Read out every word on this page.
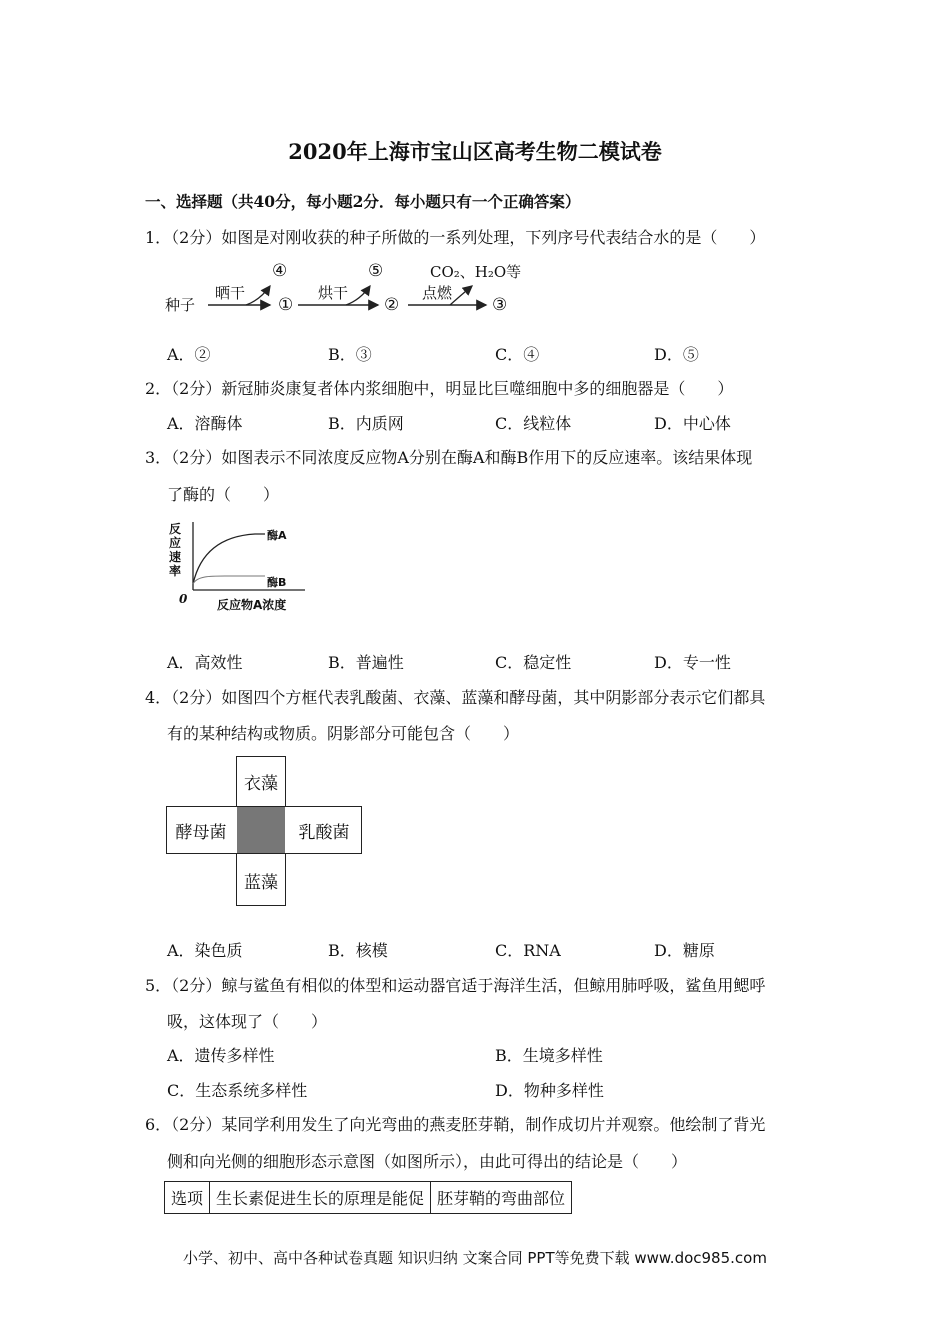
2020年上海市宝山区高考生物二模试卷
一、选择题（共40分，每小题2分．每小题只有一个正确答案）
1．（2分）如图是对刚收获的种子所做的一系列处理，下列序号代表结合水的是（　　）
种子
晒干
④
①
烘干
⑤
②
点燃
CO₂、H₂O等
③
A．②	B．③	C．④	D．⑤
2．（2分）新冠肺炎康复者体内浆细胞中，明显比巨噬细胞中多的细胞器是（　　）
A．溶酶体	B．内质网	C．线粒体	D．中心体
3．（2分）如图表示不同浓度反应物A分别在酶A和酶B作用下的反应速率。该结果体现
了酶的（　　）
反应速率
酶A
酶B
0 反应物A浓度
A．高效性	B．普遍性	C．稳定性	D．专一性
4．（2分）如图四个方框代表乳酸菌、衣藻、蓝藻和酵母菌，其中阴影部分表示它们都具
有的某种结构或物质。阴影部分可能包含（　　）
衣藻
酵母菌	乳酸菌
蓝藻
A．染色质	B．核模	C．RNA	D．糖原
5．（2分）鲸与鲨鱼有相似的体型和运动器官适于海洋生活，但鲸用肺呼吸，鲨鱼用鳃呼
吸，这体现了（　　）
A．遗传多样性	B．生境多样性
C．生态系统多样性	D．物种多样性
6．（2分）某同学利用发生了向光弯曲的燕麦胚芽鞘，制作成切片并观察。他绘制了背光
侧和向光侧的细胞形态示意图（如图所示），由此可得出的结论是（　　）
选项	生长素促进生长的原理是能促	胚芽鞘的弯曲部位
小学、初中、高中各种试卷真题 知识归纳 文案合同 PPT等免费下载 www.doc985.com
